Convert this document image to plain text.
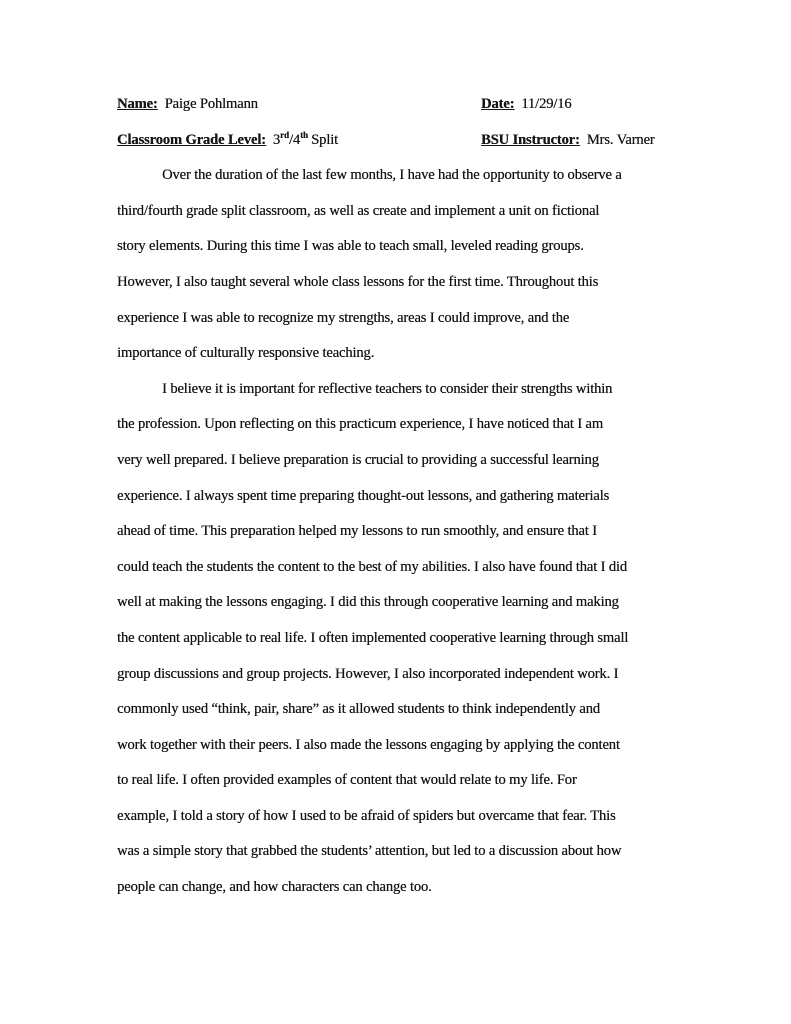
Name: Paige Pohlmann	Date: 11/29/16
Classroom Grade Level: 3rd/4th Split	BSU Instructor: Mrs. Varner
Over the duration of the last few months, I have had the opportunity to observe a
third/fourth grade split classroom, as well as create and implement a unit on fictional
story elements. During this time I was able to teach small, leveled reading groups.
However, I also taught several whole class lessons for the first time. Throughout this
experience I was able to recognize my strengths, areas I could improve, and the
importance of culturally responsive teaching.
I believe it is important for reflective teachers to consider their strengths within
the profession. Upon reflecting on this practicum experience, I have noticed that I am
very well prepared. I believe preparation is crucial to providing a successful learning
experience. I always spent time preparing thought-out lessons, and gathering materials
ahead of time. This preparation helped my lessons to run smoothly, and ensure that I
could teach the students the content to the best of my abilities. I also have found that I did
well at making the lessons engaging. I did this through cooperative learning and making
the content applicable to real life. I often implemented cooperative learning through small
group discussions and group projects. However, I also incorporated independent work. I
commonly used “think, pair, share” as it allowed students to think independently and
work together with their peers. I also made the lessons engaging by applying the content
to real life. I often provided examples of content that would relate to my life. For
example, I told a story of how I used to be afraid of spiders but overcame that fear. This
was a simple story that grabbed the students’ attention, but led to a discussion about how
people can change, and how characters can change too.
